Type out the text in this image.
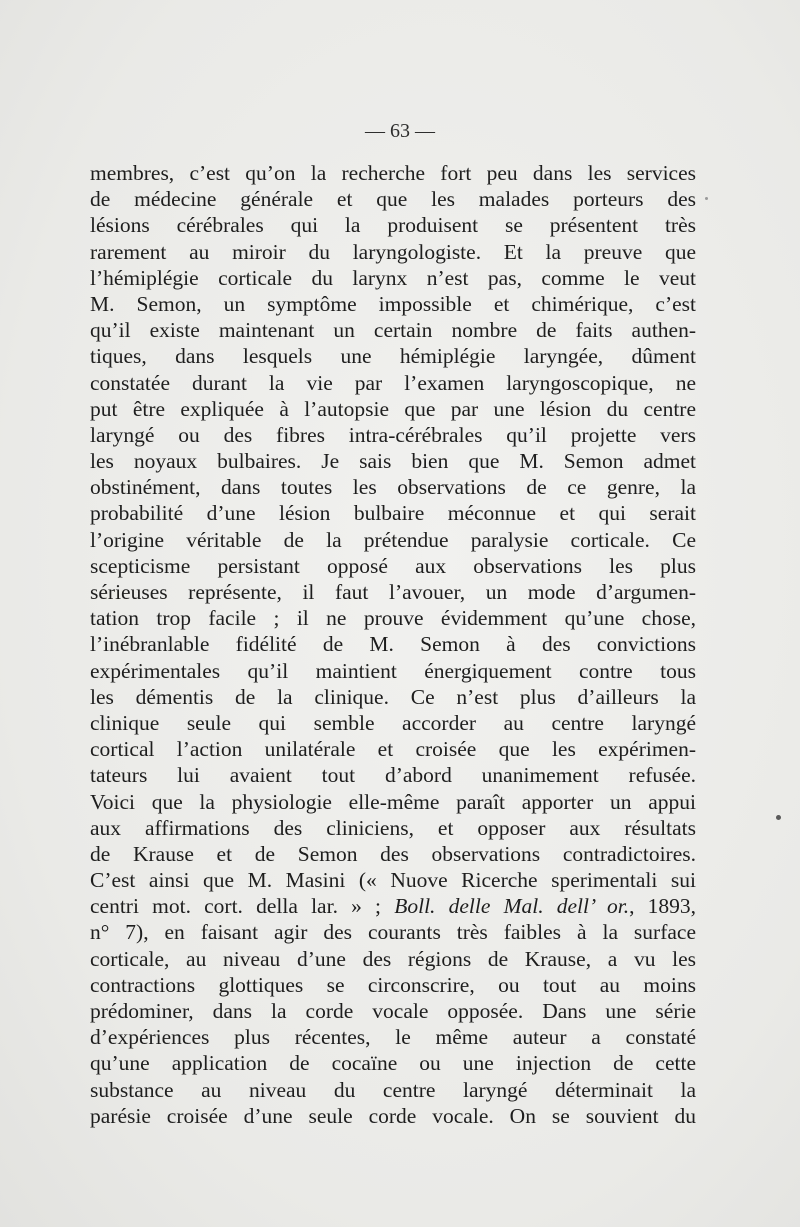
— 63 —
membres, c’est qu’on la recherche fort peu dans les services
de médecine générale et que les malades porteurs des
lésions cérébrales qui la produisent se présentent très
rarement au miroir du laryngologiste. Et la preuve que
l’hémiplégie corticale du larynx n’est pas, comme le veut
M. Semon, un symptôme impossible et chimérique, c’est
qu’il existe maintenant un certain nombre de faits authen-
tiques, dans lesquels une hémiplégie laryngée, dûment
constatée durant la vie par l’examen laryngoscopique, ne
put être expliquée à l’autopsie que par une lésion du centre
laryngé ou des fibres intra-cérébrales qu’il projette vers
les noyaux bulbaires. Je sais bien que M. Semon admet
obstinément, dans toutes les observations de ce genre, la
probabilité d’une lésion bulbaire méconnue et qui serait
l’origine véritable de la prétendue paralysie corticale. Ce
scepticisme persistant opposé aux observations les plus
sérieuses représente, il faut l’avouer, un mode d’argumen-
tation trop facile ; il ne prouve évidemment qu’une chose,
l’inébranlable fidélité de M. Semon à des convictions
expérimentales qu’il maintient énergiquement contre tous
les démentis de la clinique. Ce n’est plus d’ailleurs la
clinique seule qui semble accorder au centre laryngé
cortical l’action unilatérale et croisée que les expérimen-
tateurs lui avaient tout d’abord unanimement refusée.
Voici que la physiologie elle-même paraît apporter un appui
aux affirmations des cliniciens, et opposer aux résultats
de Krause et de Semon des observations contradictoires.
C’est ainsi que M. Masini (« Nuove Ricerche sperimentali sui
centri mot. cort. della lar. » ; Boll. delle Mal. dell’ or., 1893,
n° 7), en faisant agir des courants très faibles à la surface
corticale, au niveau d’une des régions de Krause, a vu les
contractions glottiques se circonscrire, ou tout au moins
prédominer, dans la corde vocale opposée. Dans une série
d’expériences plus récentes, le même auteur a constaté
qu’une application de cocaïne ou une injection de cette
substance au niveau du centre laryngé déterminait la
parésie croisée d’une seule corde vocale. On se souvient du
